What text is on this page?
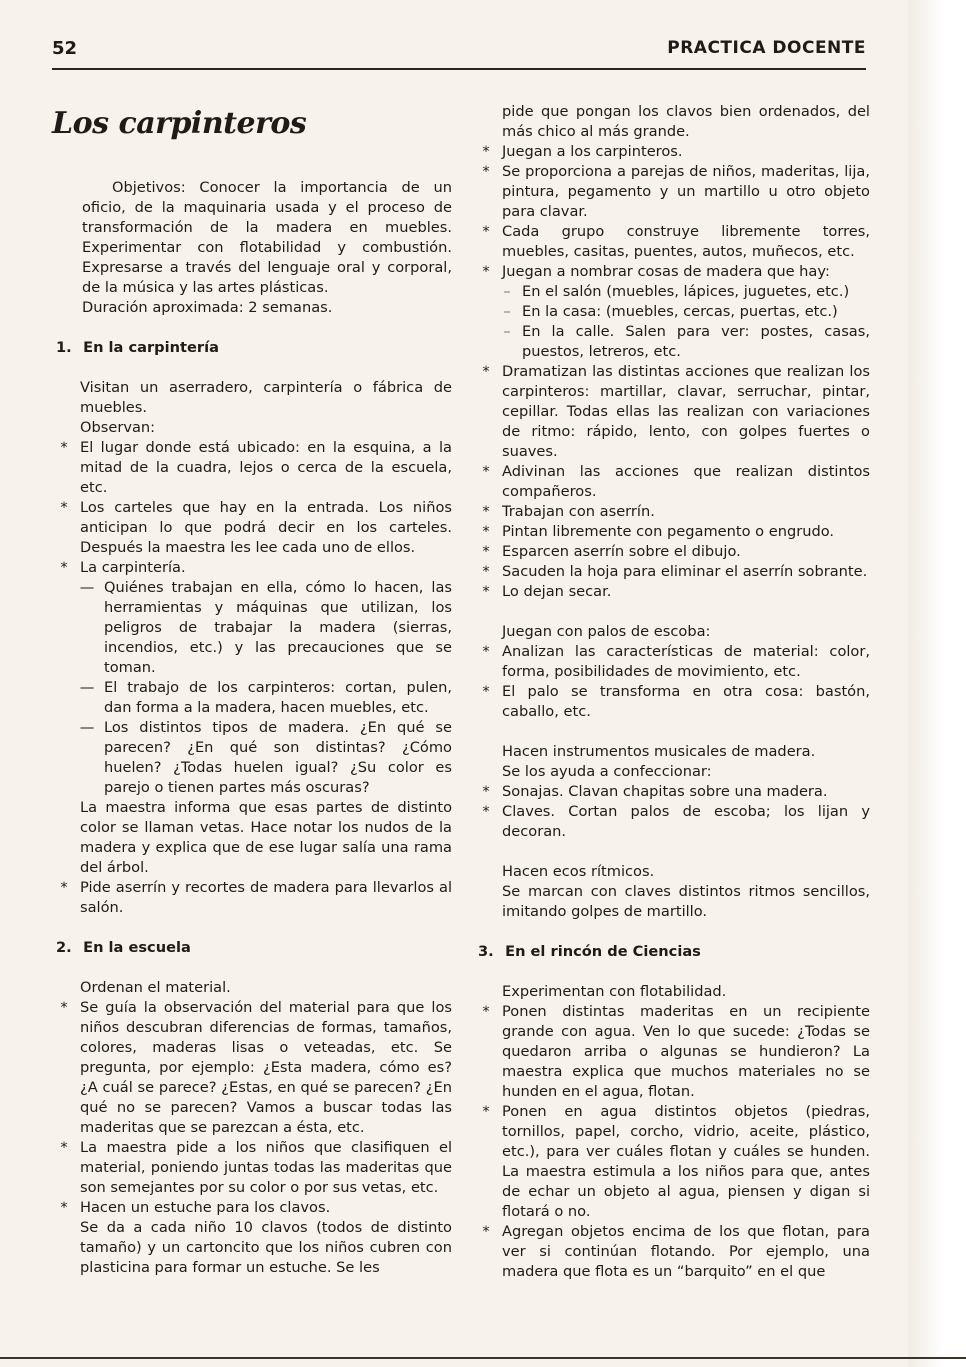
52	PRACTICA DOCENTE
Los carpinteros

Objetivos: Conocer la importancia de un oficio, de la maquinaria usada y el proceso de transformación de la madera en muebles. Experimentar con flotabilidad y combustión. Expresarse a través del lenguaje oral y corporal, de la música y las artes plásticas.

Duración aproximada: 2 semanas.

1. En la carpintería

Visitan un aserradero, carpintería o fábrica de muebles.

Observan:

* El lugar donde está ubicado: en la esquina, a la mitad de la cuadra, lejos o cerca de la escuela, etc.

* Los carteles que hay en la entrada. Los niños anticipan lo que podrá decir en los carteles. Después la maestra les lee cada uno de ellos.

* La carpintería.

— Quiénes trabajan en ella, cómo lo hacen, las herramientas y máquinas que utilizan, los peligros de trabajar la madera (sierras, incendios, etc.) y las precauciones que se toman.

— El trabajo de los carpinteros: cortan, pulen, dan forma a la madera, hacen muebles, etc.

— Los distintos tipos de madera. ¿En qué se parecen? ¿En qué son distintas? ¿Cómo huelen? ¿Todas huelen igual? ¿Su color es parejo o tienen partes más oscuras?

La maestra informa que esas partes de distinto color se llaman vetas. Hace notar los nudos de la madera y explica que de ese lugar salía una rama del árbol.

* Pide aserrín y recortes de madera para llevarlos al salón.

2. En la escuela

Ordenan el material.

* Se guía la observación del material para que los niños descubran diferencias de formas, tamaños, colores, maderas lisas o veteadas, etc. Se pregunta, por ejemplo: ¿Esta madera, cómo es? ¿A cuál se parece? ¿Estas, en qué se parecen? ¿En qué no se parecen? Vamos a buscar todas las maderitas que se parezcan a ésta, etc.

* La maestra pide a los niños que clasifiquen el material, poniendo juntas todas las maderitas que son semejantes por su color o por sus vetas, etc.

* Hacen un estuche para los clavos.

Se da a cada niño 10 clavos (todos de distinto tamaño) y un cartoncito que los niños cubren con plasticina para formar un estuche. Se les

pide que pongan los clavos bien ordenados, del más chico al más grande.

* Juegan a los carpinteros.

* Se proporciona a parejas de niños, maderitas, lija, pintura, pegamento y un martillo u otro objeto para clavar.

* Cada grupo construye libremente torres, muebles, casitas, puentes, autos, muñecos, etc.

* Juegan a nombrar cosas de madera que hay:

– En el salón (muebles, lápices, juguetes, etc.)

– En la casa: (muebles, cercas, puertas, etc.)

– En la calle. Salen para ver: postes, casas, puestos, letreros, etc.

* Dramatizan las distintas acciones que realizan los carpinteros: martillar, clavar, serruchar, pintar, cepillar. Todas ellas las realizan con variaciones de ritmo: rápido, lento, con golpes fuertes o suaves.

* Adivinan las acciones que realizan distintos compañeros.

* Trabajan con aserrín.

* Pintan libremente con pegamento o engrudo.

* Esparcen aserrín sobre el dibujo.

* Sacuden la hoja para eliminar el aserrín sobrante.

* Lo dejan secar.

Juegan con palos de escoba:

* Analizan las características de material: color, forma, posibilidades de movimiento, etc.

* El palo se transforma en otra cosa: bastón, caballo, etc.

Hacen instrumentos musicales de madera.

Se los ayuda a confeccionar:

* Sonajas. Clavan chapitas sobre una madera.

* Claves. Cortan palos de escoba; los lijan y decoran.

Hacen ecos rítmicos.

Se marcan con claves distintos ritmos sencillos, imitando golpes de martillo.

3. En el rincón de Ciencias

Experimentan con flotabilidad.

* Ponen distintas maderitas en un recipiente grande con agua. Ven lo que sucede: ¿Todas se quedaron arriba o algunas se hundieron? La maestra explica que muchos materiales no se hunden en el agua, flotan.

* Ponen en agua distintos objetos (piedras, tornillos, papel, corcho, vidrio, aceite, plástico, etc.), para ver cuáles flotan y cuáles se hunden. La maestra estimula a los niños para que, antes de echar un objeto al agua, piensen y digan si flotará o no.

* Agregan objetos encima de los que flotan, para ver si continúan flotando. Por ejemplo, una madera que flota es un “barquito” en el que
